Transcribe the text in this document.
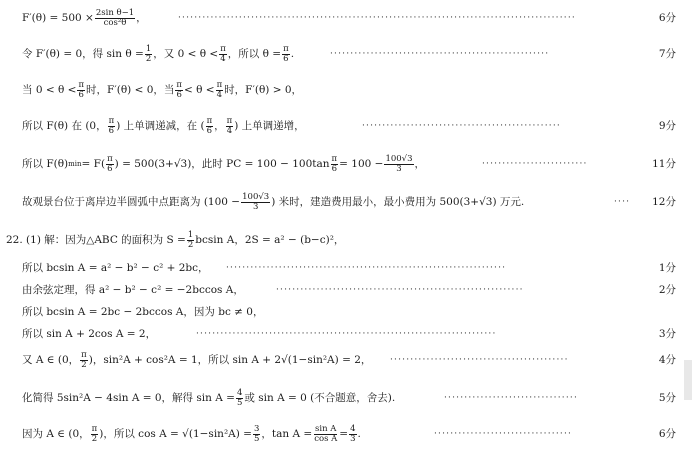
$F'(\theta) = 500 \times \frac{\text{2sin θ−1}}{\text{cos²θ}}$ ，	··································································································	6分
令 F′(θ) = 0，得 $\sin \theta = \frac{1}{2}$ ，又 $0 < \theta < \frac{\pi}{4}$ ，所以 $\theta = \frac{\pi}{6}$ .	······················································	7分
当 $0 < \theta < \frac{\pi}{6}$ 时，F′(θ) < 0，当 $\frac{\pi}{6} < \theta < \frac{\pi}{4}$ 时，F′(θ) > 0，
所以 F(θ) 在 (0， $\frac{\pi}{6}$ ) 上单调递减，在 ( $\frac{\pi}{6}$ ， $\frac{\pi}{4}$ ) 上单调递增，	·················································	9分
所以 F(θ) $\min = F( \frac{\pi}{6}$ ) = 500(3+√3)，此时 PC = $100 - 100\tan \frac{\pi}{6} = 100 - \frac{100√3}{3}$ ，	··························	11分
故观景台位于离岸边半圆弧中点距离为 ($100 - \frac{100√3}{3}$ ) 米时，建造费用最小，最小费用为 500(3+√3) 万元.	····	12分
22. (1) 解：因为△ABC 的面积为 $S = \frac{1}{2}$ bcsin A，2S = a² − (b−c)²，
所以 bcsin A = a² − b² − c² + 2bc， ·····································································	1分
由余弦定理，得 a² − b² − c² = −2bccos A，	·····························································	2分
所以 bcsin A = 2bc − 2bccos A，因为 bc ≠ 0，
所以 sin A + 2cos A = 2，	··········································································	3分
又 A ∈ (0， $\frac{\pi}{2}$ )，sin²A + cos²A = 1，所以 sin A + 2√(1−sin²A) = 2， ············································	4分
化简得 5sin²A − 4sin A = 0，解得 $\sin A = \frac{4}{5}$ 或 sin A = 0 (不合题意，舍去).	·································	5分
因为 A ∈ (0， $\frac{\pi}{2}$ )，所以 $\cos A = √(1-\sin^2A) = \frac{3}{5}$ ，$\tan A = \frac{\text{sin A}}{\text{cos A}} = \frac{4}{3}$ .	··································	6分
